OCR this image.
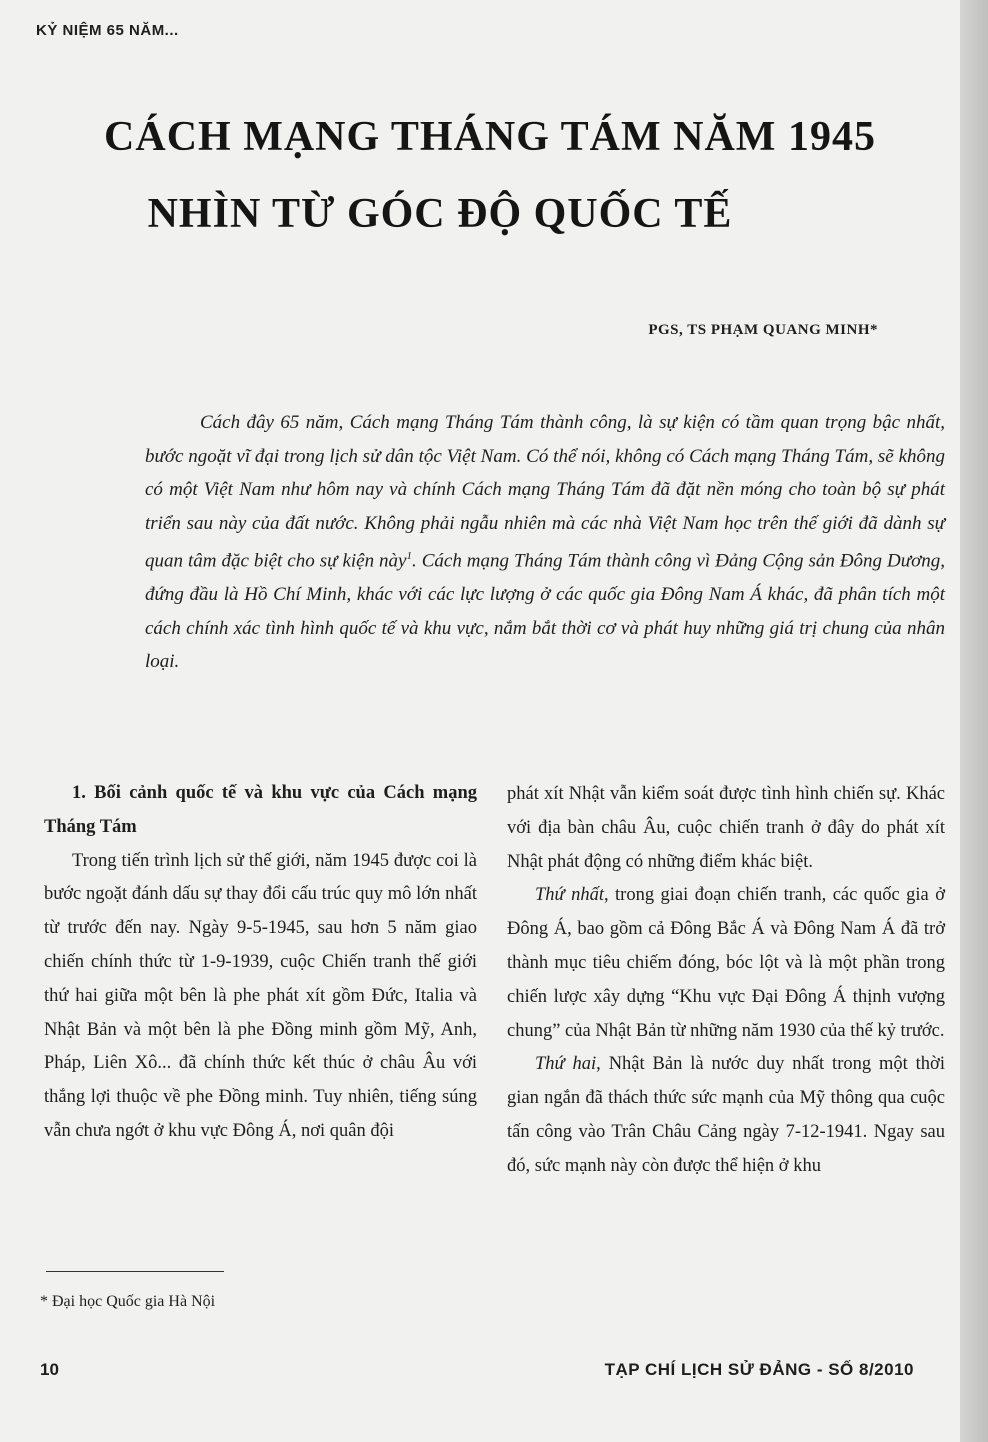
KỶ NIỆM 65 NĂM...
CÁCH MẠNG THÁNG TÁM NĂM 1945
NHÌN TỪ GÓC ĐỘ QUỐC TẾ
PGS, TS PHẠM QUANG MINH*
Cách đây 65 năm, Cách mạng Tháng Tám thành công, là sự kiện có tầm quan trọng bậc nhất, bước ngoặt vĩ đại trong lịch sử dân tộc Việt Nam. Có thể nói, không có Cách mạng Tháng Tám, sẽ không có một Việt Nam như hôm nay và chính Cách mạng Tháng Tám đã đặt nền móng cho toàn bộ sự phát triển sau này của đất nước. Không phải ngẫu nhiên mà các nhà Việt Nam học trên thế giới đã dành sự quan tâm đặc biệt cho sự kiện này$^1$. Cách mạng Tháng Tám thành công vì Đảng Cộng sản Đông Dương, đứng đầu là Hồ Chí Minh, khác với các lực lượng ở các quốc gia Đông Nam Á khác, đã phân tích một cách chính xác tình hình quốc tế và khu vực, nắm bắt thời cơ và phát huy những giá trị chung của nhân loại.

1. Bối cảnh quốc tế và khu vực của Cách mạng Tháng Tám

Trong tiến trình lịch sử thế giới, năm 1945 được coi là bước ngoặt đánh dấu sự thay đổi cấu trúc quy mô lớn nhất từ trước đến nay. Ngày 9-5-1945, sau hơn 5 năm giao chiến chính thức từ 1-9-1939, cuộc Chiến tranh thế giới thứ hai giữa một bên là phe phát xít gồm Đức, Italia và Nhật Bản và một bên là phe Đồng minh gồm Mỹ, Anh, Pháp, Liên Xô... đã chính thức kết thúc ở châu Âu với thắng lợi thuộc về phe Đồng minh. Tuy nhiên, tiếng súng vẫn chưa ngớt ở khu vực Đông Á, nơi quân đội

phát xít Nhật vẫn kiểm soát được tình hình chiến sự. Khác với địa bàn châu Âu, cuộc chiến tranh ở đây do phát xít Nhật phát động có những điểm khác biệt.

Thứ nhất, trong giai đoạn chiến tranh, các quốc gia ở Đông Á, bao gồm cả Đông Bắc Á và Đông Nam Á đã trở thành mục tiêu chiếm đóng, bóc lột và là một phần trong chiến lược xây dựng “Khu vực Đại Đông Á thịnh vượng chung” của Nhật Bản từ những năm 1930 của thế kỷ trước.

Thứ hai, Nhật Bản là nước duy nhất trong một thời gian ngắn đã thách thức sức mạnh của Mỹ thông qua cuộc tấn công vào Trân Châu Cảng ngày 7-12-1941. Ngay sau đó, sức mạnh này còn được thể hiện ở khu

* Đại học Quốc gia Hà Nội
10	TẠP CHÍ LỊCH SỬ ĐẢNG - SỐ 8/2010
